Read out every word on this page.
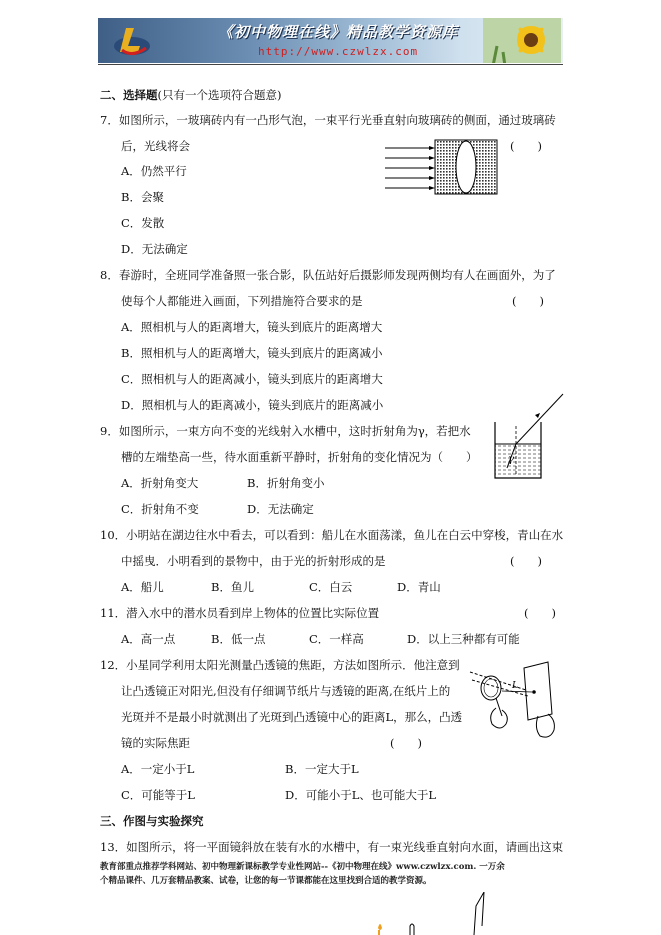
《初中物理在线》精品教学资源库
http://www.czwlzx.com
二、选择题(只有一个选项符合题意)
7．如图所示，一玻璃砖内有一凸形气泡，一束平行光垂直射向玻璃砖的侧面，通过玻璃砖
后，光线将会	(　　)
A．仍然平行
B．会聚
C．发散
D．无法确定
8．春游时，全班同学准备照一张合影，队伍站好后摄影师发现两侧均有人在画面外，为了
使每个人都能进入画面，下列措施符合要求的是	(　　)
A．照相机与人的距离增大，镜头到底片的距离增大
B．照相机与人的距离增大，镜头到底片的距离减小
C．照相机与人的距离减小，镜头到底片的距离增大
D．照相机与人的距离减小，镜头到底片的距离减小
9．如图所示，一束方向不变的光线射入水槽中，这时折射角为γ，若把水
槽的左端垫高一些，待水面重新平静时，折射角的变化情况为（　　）
A．折射角变大	B．折射角变小
C．折射角不变	D．无法确定
γ
10．小明站在湖边往水中看去，可以看到：船儿在水面荡漾，鱼儿在白云中穿梭，青山在水
中摇曳．小明看到的景物中，由于光的折射形成的是	(　　)
A．船儿	B．鱼儿	C．白云	D．青山
11．潜入水中的潜水员看到岸上物体的位置比实际位置	(　　)
A．高一点	B．低一点	C．一样高	D．以上三种都有可能
12．小星同学利用太阳光测量凸透镜的焦距，方法如图所示．他注意到
让凸透镜正对阳光,但没有仔细调节纸片与透镜的距离,在纸片上的
光斑并不是最小时就测出了光斑到凸透镜中心的距离L，那么，凸透
镜的实际焦距	(　　)
A．一定小于L	B．一定大于L
C．可能等于L	D．可能小于L、也可能大于L
L
三、作图与实验探究
13．如图所示，将一平面镜斜放在装有水的水槽中，有一束光线垂直射向水面，请画出这束
教育部重点推荐学科网站、初中物理新课标教学专业性网站--《初中物理在线》www.czwlzx.com. 一万余
个精品课件、几万套精品教案、试卷，让您的每一节课都能在这里找到合适的教学资源。
